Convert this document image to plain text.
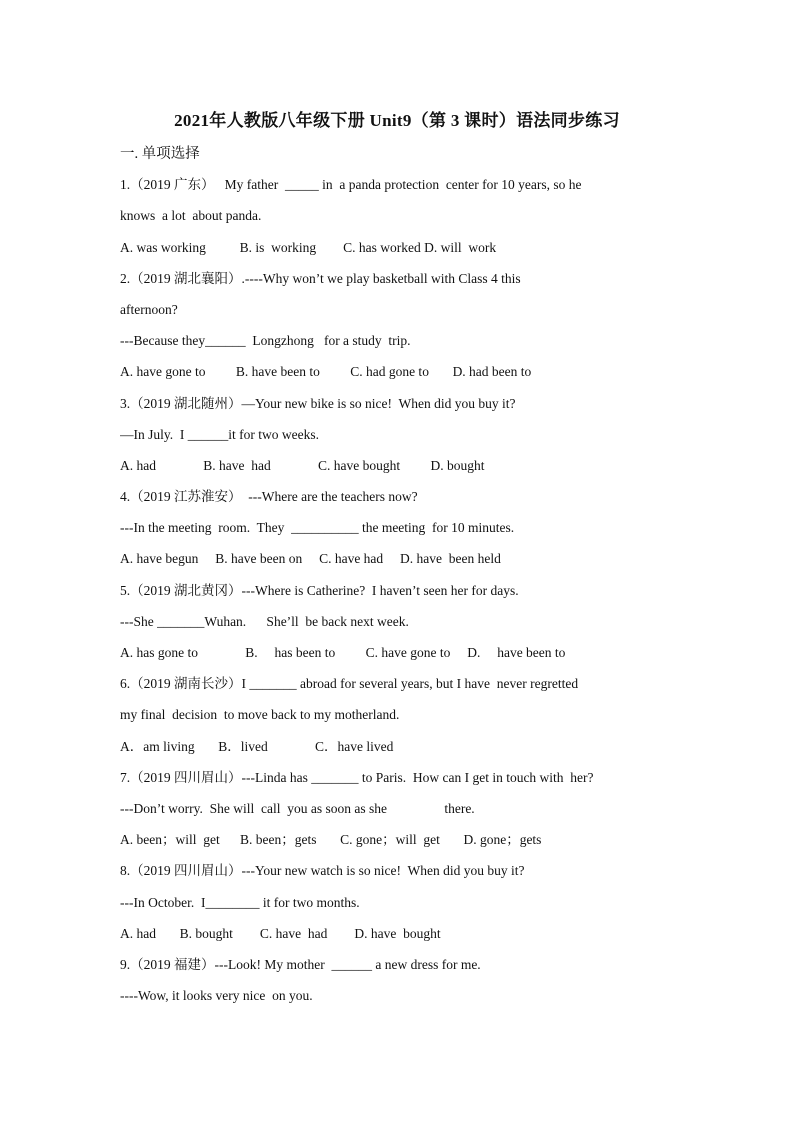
2021年人教版八年级下册 Unit9（第 3 课时）语法同步练习
一. 单项选择
1.（2019 广东）   My father  _____ in  a panda protection  center for 10 years, so he
knows  a lot  about panda.
A. was working          B. is  working        C. has worked D. will  work
2.（2019 湖北襄阳）.----Why won’t we play basketball with Class 4 this
afternoon?
---Because they______  Longzhong   for a study  trip.
A. have gone to         B. have been to         C. had gone to       D. had been to
3.（2019 湖北随州）—Your new bike is so nice!  When did you buy it?
—In July.  I ______it for two weeks.
A. had              B. have  had              C. have bought         D. bought
4.（2019 江苏淮安）  ---Where are the teachers now?
---In the meeting  room.  They  __________ the meeting  for 10 minutes.
A. have begun     B. have been on     C. have had     D. have  been held
5.（2019 湖北黄冈）---Where is Catherine?  I haven’t seen her for days.
---She _______Wuhan.      She’ll  be back next week.
A. has gone to              B.     has been to         C. have gone to     D.     have been to
6.（2019 湖南长沙）I _______ abroad for several years, but I have  never regretted
my final  decision  to move back to my motherland.
A．am living       B．lived              C．have lived
7.（2019 四川眉山）---Linda has _______ to Paris.  How can I get in touch with  her?
---Don’t worry.  She will  call  you as soon as she                 there.
A. been；will  get      B. been；gets       C. gone；will  get       D. gone；gets
8.（2019 四川眉山）---Your new watch is so nice!  When did you buy it?
---In October.  I________ it for two months.
A. had       B. bought        C. have  had        D. have  bought
9.（2019 福建）---Look! My mother  ______ a new dress for me.
----Wow, it looks very nice  on you.
